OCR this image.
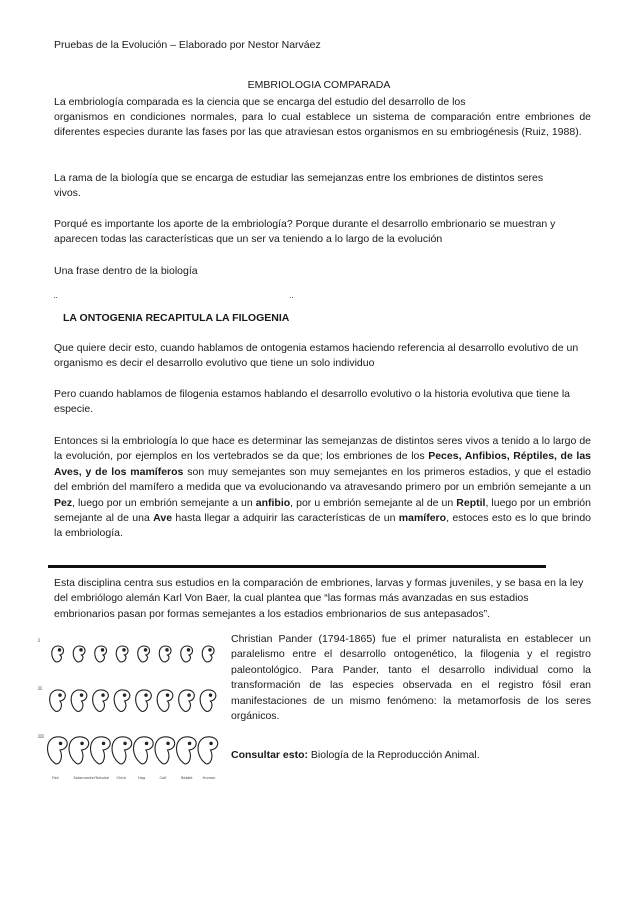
Pruebas de la Evolución – Elaborado por Nestor Narváez
EMBRIOLOGIA COMPARADA
La embriología comparada es la ciencia que se encarga del estudio del desarrollo de los
organismos en condiciones normales, para lo cual establece un sistema de comparación entre embriones de diferentes especies durante las fases por las que atraviesan estos organismos en su embriogénesis (Ruiz, 1988).
La rama de la biología que se encarga de estudiar las semejanzas entre los embriones de distintos seres vivos.
Porqué es importante los aporte de la embriología? Porque durante el desarrollo embrionario se muestran y aparecen todas las características que un ser va teniendo a lo largo de la evolución
Una frase dentro de la biología
¨	¨
LA ONTOGENIA RECAPITULA LA FILOGENIA
Que quiere decir esto, cuando hablamos de ontogenia estamos haciendo referencia al desarrollo evolutivo de un organismo es decir el desarrollo evolutivo que tiene un solo individuo
Pero cuando hablamos de filogenia estamos hablando el desarrollo evolutivo o la historia evolutiva que tiene la especie.
Entonces si la embriología lo que hace es determinar las semejanzas de distintos seres vivos a tenido a lo largo de la evolución, por ejemplos en los vertebrados se da que; los embriones de los Peces, Anfibios, Réptiles, de las Aves, y de los mamíferos son muy semejantes son muy semejantes en los primeros estadios, y que el estadio del embrión del mamífero a medida que va evolucionando va atravesando primero por un embrión semejante a un Pez, luego por un embrión semejante a un anfibio, por u embrión semejante al de un Reptil, luego por un embrión semejante al de una Ave hasta llegar a adquirir las características de un mamífero, estoces esto es lo que brindo la embriología.
Esta disciplina centra sus estudios en la comparación de embriones, larvas y formas juveniles, y se basa en la ley del embriólogo alemán Karl Von Baer, la cual plantea que “las formas más avanzadas en sus estadios embrionarios pasan por formas semejantes a los estadios embrionarios de sus antepasados”.
I
II
III
Fish	Salamander Tortoise Chick	Hog	Calf	Rabbit	Human
Christian Pander (1794-1865) fue el primer naturalista en establecer un paralelismo entre el desarrollo ontogenético, la filogenia y el registro paleontológico. Para Pander, tanto el desarrollo individual como la transformación de las especies observada en el registro fósil eran manifestaciones de un mismo fenómeno: la metamorfosis de los seres orgánicos.
Consultar esto: Biología de la Reproducción Animal.
